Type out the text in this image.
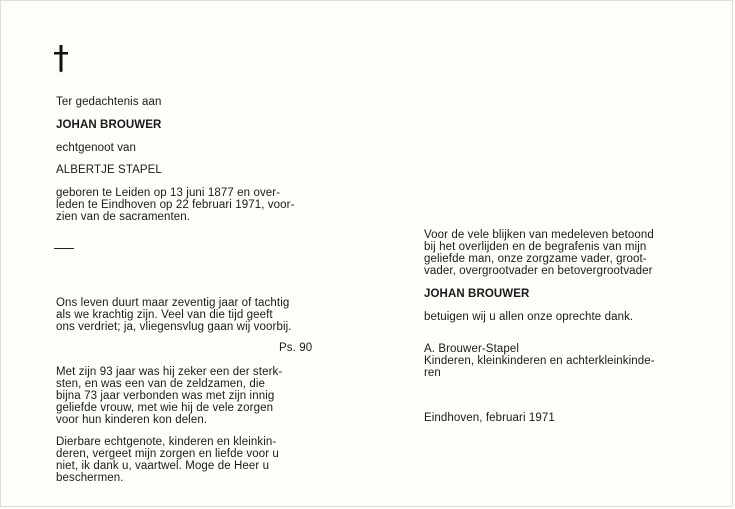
Ter gedachtenis aan
JOHAN BROUWER
echtgenoot van
ALBERTJE STAPEL
geboren te Leiden op 13 juni 1877 en over-
leden te Eindhoven op 22 februari 1971, voor-
zien van de sacramenten.
Ons leven duurt maar zeventig jaar of tachtig
als we krachtig zijn. Veel van die tijd geeft
ons verdriet; ja, vliegensvlug gaan wij voorbij.
Ps. 90
Met zijn 93 jaar was hij zeker een der sterk-
sten, en was een van de zeldzamen, die
bijna 73 jaar verbonden was met zijn innig
geliefde vrouw, met wie hij de vele zorgen
voor hun kinderen kon delen.
Dierbare echtgenote, kinderen en kleinkin-
deren, vergeet mijn zorgen en liefde voor u
niet, ik dank u, vaartwel. Moge de Heer u
beschermen.
Voor de vele blijken van medeleven betoond
bij het overlijden en de begrafenis van mijn
geliefde man, onze zorgzame vader, groot-
vader, overgrootvader en betovergrootvader
JOHAN BROUWER
betuigen wij u allen onze oprechte dank.
A. Brouwer-Stapel
Kinderen, kleinkinderen en achterkleinkinde-
ren
Eindhoven, februari 1971
